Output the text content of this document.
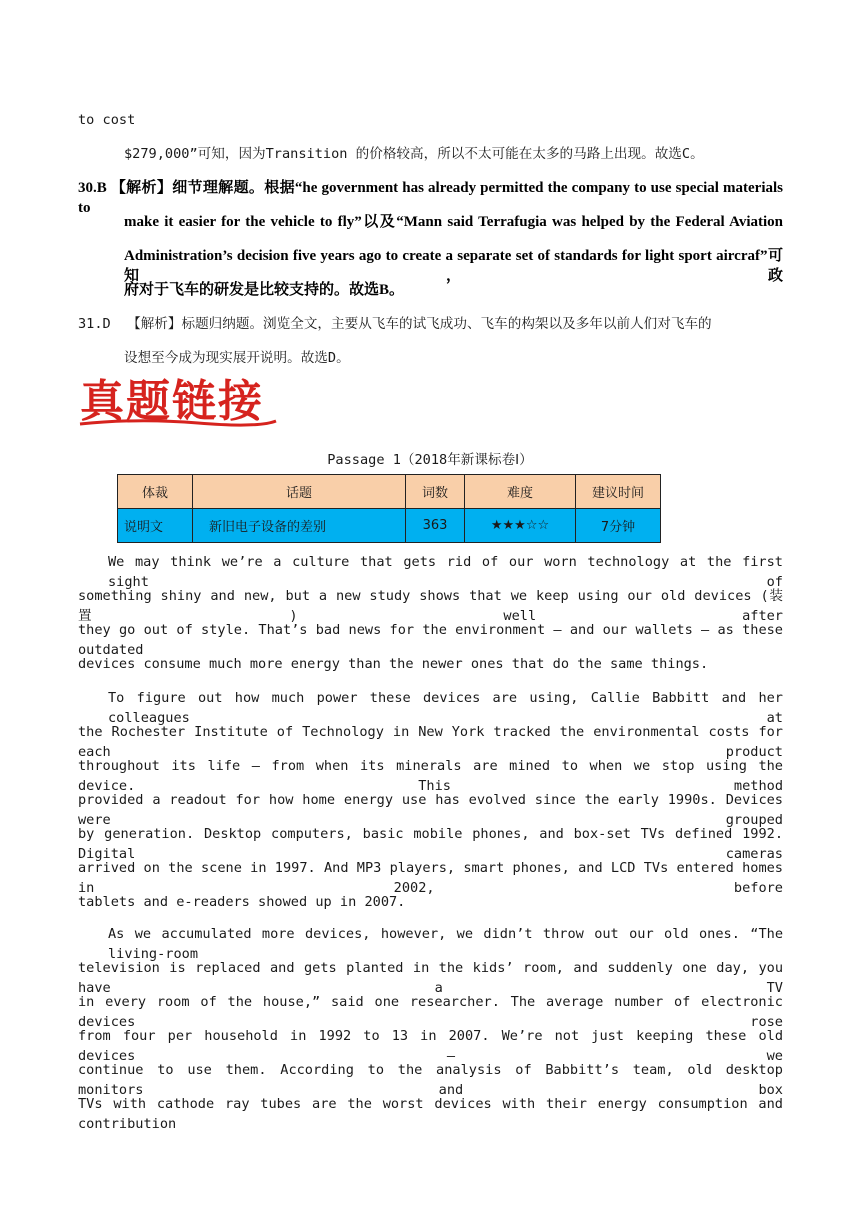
to cost
$279,000”可知，因为Transition 的价格较高，所以不太可能在太多的马路上出现。故选C。
30.B 【解析】细节理解题。根据“he government has already permitted the company to use special materials to
make it easier for the vehicle to fly”以及“Mann said Terrafugia was helped by the Federal Aviation
Administration’s decision five years ago to create a separate set of standards for light sport aircraf”可知，政
府对于飞车的研发是比较支持的。故选B。
31.D  【解析】标题归纳题。浏览全文，主要从飞车的试飞成功、飞车的构架以及多年以前人们对飞车的
设想至今成为现实展开说明。故选D。
真题链接
Passage 1（2018年新课标卷Ⅰ）
体裁	话题	词数	难度	建议时间
说明文	新旧电子设备的差别	363	★★★☆☆	7分钟
We may think we’re a culture that gets rid of our worn technology at the first sight of
something shiny and new, but a new study shows that we keep using our old devices (装置) well after
they go out of style. That’s bad news for the environment – and our wallets – as these outdated
devices consume much more energy than the newer ones that do the same things.
To figure out how much power these devices are using, Callie Babbitt and her colleagues at
the Rochester Institute of Technology in New York tracked the environmental costs for each product
throughout its life – from when its minerals are mined to when we stop using the device. This method
provided a readout for how home energy use has evolved since the early 1990s. Devices were grouped
by generation. Desktop computers, basic mobile phones, and box-set TVs defined 1992. Digital cameras
arrived on the scene in 1997. And MP3 players, smart phones, and LCD TVs entered homes in 2002, before
tablets and e-readers showed up in 2007.
As we accumulated more devices, however, we didn’t throw out our old ones. “The living-room
television is replaced and gets planted in the kids’ room, and suddenly one day, you have a TV
in every room of the house,” said one researcher. The average number of electronic devices rose
from four per household in 1992 to 13 in 2007. We’re not just keeping these old devices – we
continue to use them. According to the analysis of Babbitt’s team, old desktop monitors and box
TVs with cathode ray tubes are the worst devices with their energy consumption and contribution
